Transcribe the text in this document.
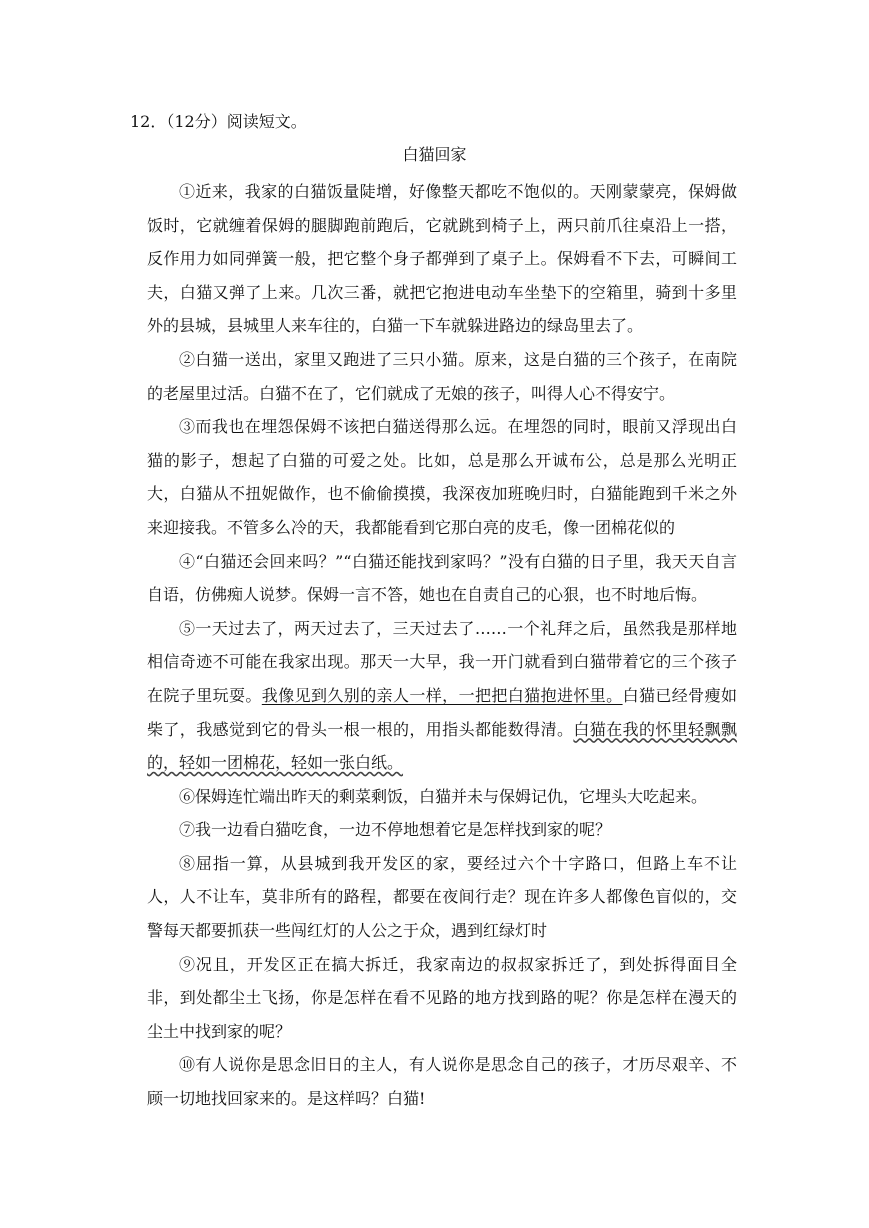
12．（12分）阅读短文。
白猫回家

①近来，我家的白猫饭量陡增，好像整天都吃不饱似的。天刚蒙蒙亮，保姆做饭时，它就缠着保姆的腿脚跑前跑后，它就跳到椅子上，两只前爪往桌沿上一搭，反作用力如同弹簧一般，把它整个身子都弹到了桌子上。保姆看不下去，可瞬间工夫，白猫又弹了上来。几次三番，就把它抱进电动车坐垫下的空箱里，骑到十多里外的县城，县城里人来车往的，白猫一下车就躲进路边的绿岛里去了。

②白猫一送出，家里又跑进了三只小猫。原来，这是白猫的三个孩子，在南院的老屋里过活。白猫不在了，它们就成了无娘的孩子，叫得人心不得安宁。

③而我也在埋怨保姆不该把白猫送得那么远。在埋怨的同时，眼前又浮现出白猫的影子，想起了白猫的可爱之处。比如，总是那么开诚布公，总是那么光明正大，白猫从不扭妮做作，也不偷偷摸摸，我深夜加班晚归时，白猫能跑到千米之外来迎接我。不管多么冷的天，我都能看到它那白亮的皮毛，像一团棉花似的

④“白猫还会回来吗？”“白猫还能找到家吗？”没有白猫的日子里，我天天自言自语，仿佛痴人说梦。保姆一言不答，她也在自责自己的心狠，也不时地后悔。

⑤一天过去了，两天过去了，三天过去了……一个礼拜之后，虽然我是那样地相信奇迹不可能在我家出现。那天一大早，我一开门就看到白猫带着它的三个孩子在院子里玩耍。我像见到久别的亲人一样，一把把白猫抱进怀里。白猫已经骨瘦如柴了，我感觉到它的骨头一根一根的，用指头都能数得清。白猫在我的怀里轻飘飘的，轻如一团棉花，轻如一张白纸。

⑥保姆连忙端出昨天的剩菜剩饭，白猫并未与保姆记仇，它埋头大吃起来。

⑦我一边看白猫吃食，一边不停地想着它是怎样找到家的呢？

⑧屈指一算，从县城到我开发区的家，要经过六个十字路口，但路上车不让人，人不让车，莫非所有的路程，都要在夜间行走？现在许多人都像色盲似的，交警每天都要抓获一些闯红灯的人公之于众，遇到红绿灯时

⑨况且，开发区正在搞大拆迁，我家南边的叔叔家拆迁了，到处拆得面目全非，到处都尘土飞扬，你是怎样在看不见路的地方找到路的呢？你是怎样在漫天的尘土中找到家的呢？

⑩有人说你是思念旧日的主人，有人说你是思念自己的孩子，才历尽艰辛、不顾一切地找回家来的。是这样吗？白猫!
